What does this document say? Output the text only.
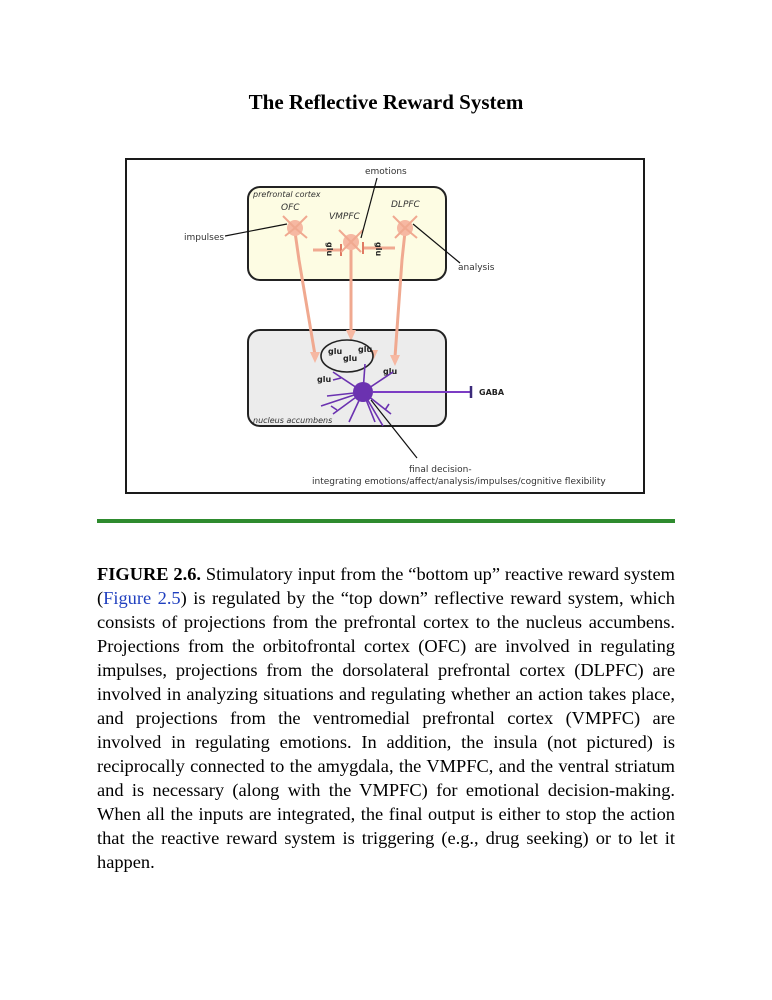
The Reflective Reward System
prefrontal cortex
nucleus accumbens
OFC
VMPFC
DLPFC
glu	glu
emotions
impulses
analysis
glu glu
glu
glu
glu
GABA
final decision-
integrating emotions/affect/analysis/impulses/cognitive flexibility
FIGURE 2.6. Stimulatory input from the “bottom up” reactive reward system (Figure 2.5) is regulated by the “top down” reflective reward system, which consists of projections from the prefrontal cortex to the nucleus accumbens. Projections from the orbitofrontal cortex (OFC) are involved in regulating impulses, projections from the dorsolateral prefrontal cortex (DLPFC) are involved in analyzing situations and regulating whether an action takes place, and projections from the ventromedial prefrontal cortex (VMPFC) are involved in regulating emotions. In addition, the insula (not pictured) is reciprocally connected to the amygdala, the VMPFC, and the ventral striatum and is necessary (along with the VMPFC) for emotional decision-making. When all the inputs are integrated, the final output is either to stop the action that the reactive reward system is triggering (e.g., drug seeking) or to let it happen.
